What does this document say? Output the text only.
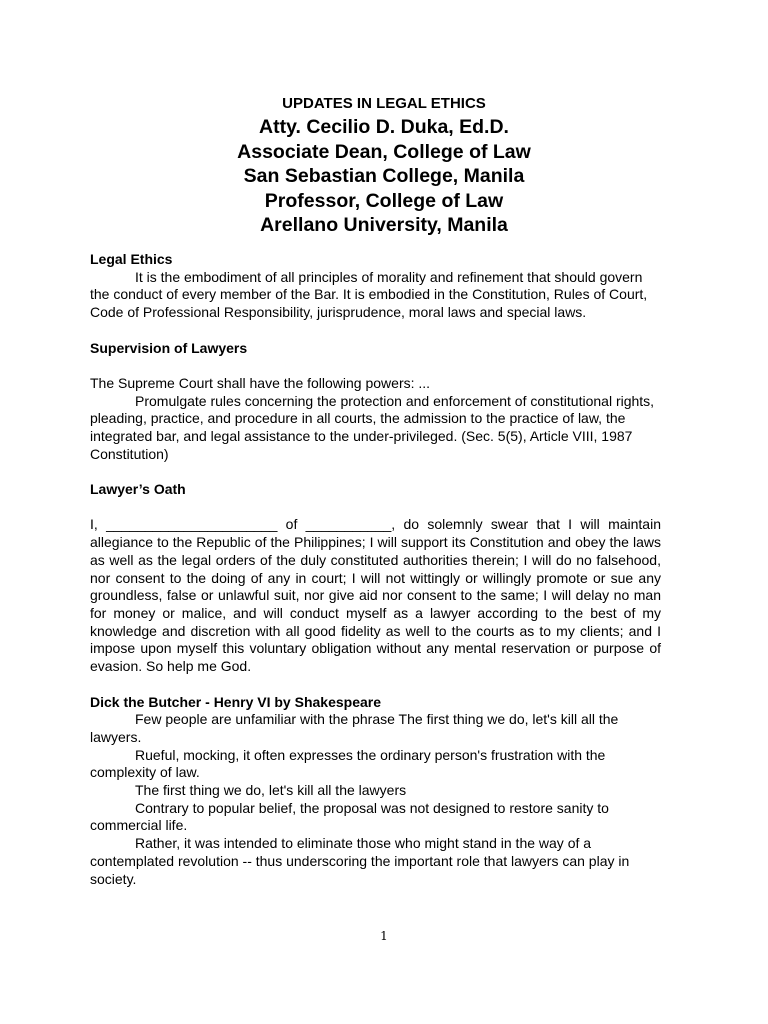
UPDATES IN LEGAL ETHICS
Atty. Cecilio D. Duka, Ed.D.
Associate Dean, College of Law
San Sebastian College, Manila
Professor, College of Law
Arellano University, Manila

Legal Ethics

It is the embodiment of all principles of morality and refinement that should govern the conduct of every member of the Bar. It is embodied in the Constitution, Rules of Court, Code of Professional Responsibility, jurisprudence, moral laws and special laws.

Supervision of Lawyers

The Supreme Court shall have the following powers: ...

Promulgate rules concerning the protection and enforcement of constitutional rights, pleading, practice, and procedure in all courts, the admission to the practice of law, the integrated bar, and legal assistance to the under-privileged. (Sec. 5(5), Article VIII, 1987 Constitution)

Lawyer’s Oath

I, ______________________ of ___________, do solemnly swear that I will maintain allegiance to the Republic of the Philippines; I will support its Constitution and obey the laws as well as the legal orders of the duly constituted authorities therein; I will do no falsehood, nor consent to the doing of any in court; I will not wittingly or willingly promote or sue any groundless, false or unlawful suit, nor give aid nor consent to the same; I will delay no man for money or malice, and will conduct myself as a lawyer according to the best of my knowledge and discretion with all good fidelity as well to the courts as to my clients; and I impose upon myself this voluntary obligation without any mental reservation or purpose of evasion. So help me God.

Dick the Butcher - Henry VI by Shakespeare

Few people are unfamiliar with the phrase The first thing we do, let's kill all the lawyers.

Rueful, mocking, it often expresses the ordinary person's frustration with the complexity of law.

The first thing we do, let's kill all the lawyers

Contrary to popular belief, the proposal was not designed to restore sanity to commercial life.

Rather, it was intended to eliminate those who might stand in the way of a contemplated revolution -- thus underscoring the important role that lawyers can play in society.

1
